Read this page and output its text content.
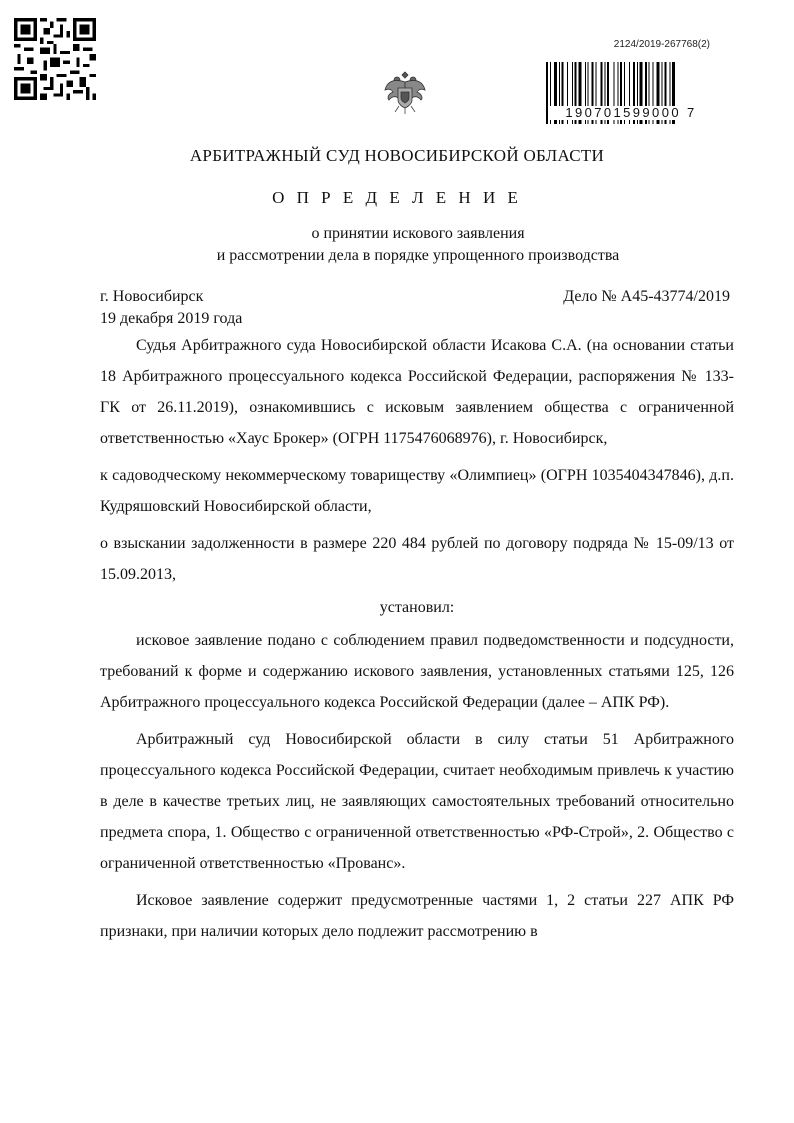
2124/2019-267768(2)
190701599000 7
АРБИТРАЖНЫЙ СУД НОВОСИБИРСКОЙ ОБЛАСТИ
О П Р Е Д Е Л Е Н И Е
о принятии искового заявления
и рассмотрении дела в порядке упрощенного производства
г. Новосибирск	Дело № А45-43774/2019
19 декабря 2019 года

Судья Арбитражного суда Новосибирской области Исакова С.А. (на основании статьи 18 Арбитражного процессуального кодекса Российской Федерации, распоряжения № 133-ГК от 26.11.2019), ознакомившись с исковым заявлением общества с ограниченной ответственностью «Хаус Брокер» (ОГРН 1175476068976), г. Новосибирск,

к садоводческому некоммерческому товариществу «Олимпиец» (ОГРН 1035404347846), д.п. Кудряшовский Новосибирской области,

о взыскании задолженности в размере 220 484 рублей по договору подряда № 15-09/13 от 15.09.2013,

установил:

исковое заявление подано с соблюдением правил подведомственности и подсудности, требований к форме и содержанию искового заявления, установленных статьями 125, 126 Арбитражного процессуального кодекса Российской Федерации (далее – АПК РФ).

Арбитражный суд Новосибирской области в силу статьи 51 Арбитражного процессуального кодекса Российской Федерации, считает необходимым привлечь к участию в деле в качестве третьих лиц, не заявляющих самостоятельных требований относительно предмета спора, 1. Общество с ограниченной ответственностью «РФ-Строй», 2. Общество с ограниченной ответственностью «Прованс».

Исковое заявление содержит предусмотренные частями 1, 2 статьи 227 АПК РФ признаки, при наличии которых дело подлежит рассмотрению в
